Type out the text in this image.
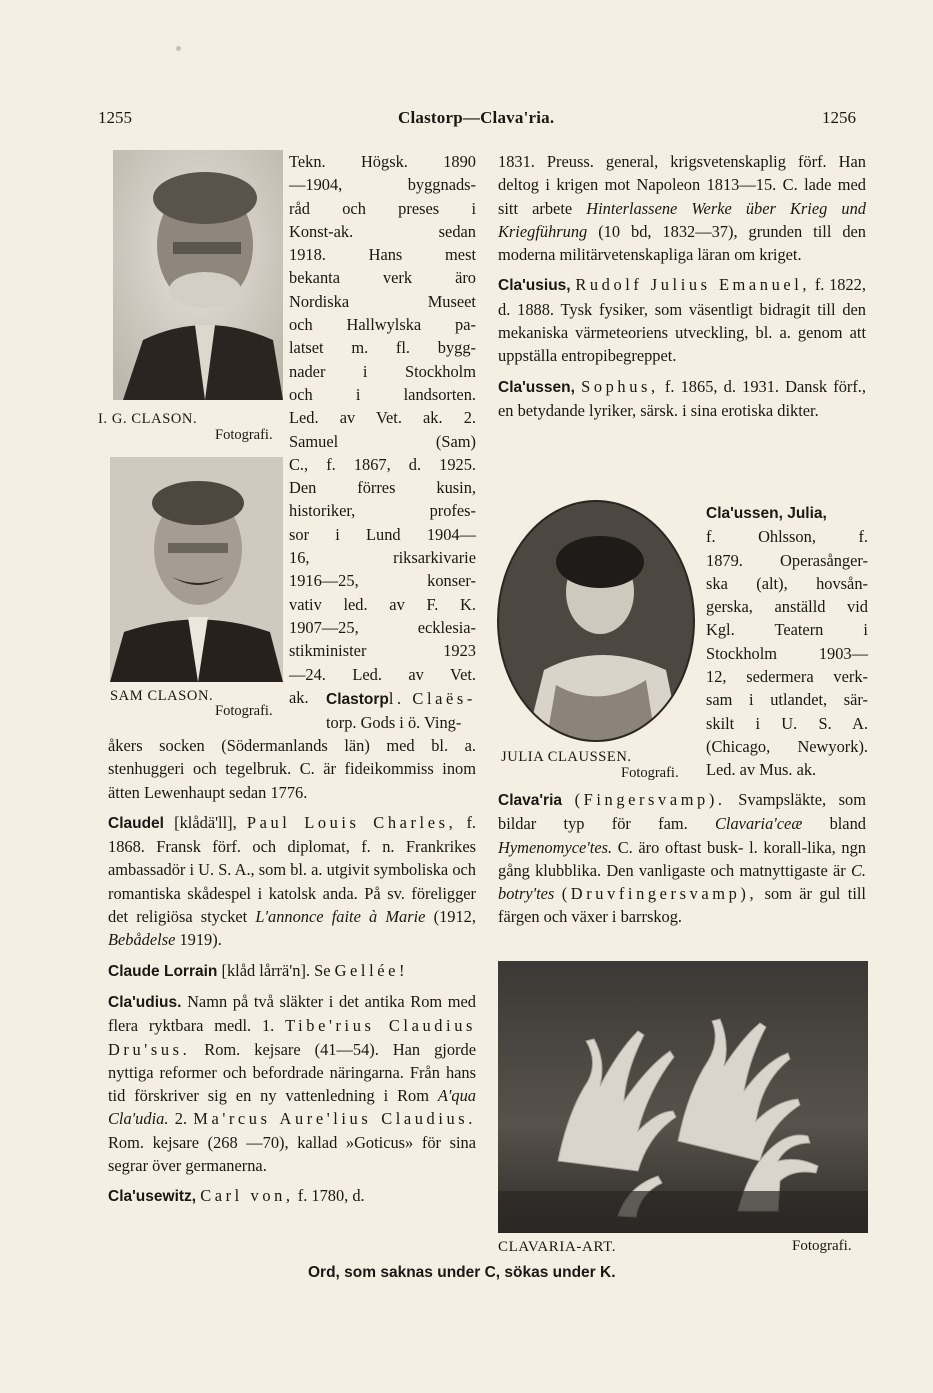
1255	Clastorp—Clava'ria.	1256
I. G. CLASON.
Fotografi.
SAM CLASON.
Fotografi.
Tekn. Högsk. 1890
—1904, byggnads-
råd och preses i
Konst-ak. sedan
1918. Hans mest
bekanta verk äro
Nordiska Museet
och Hallwylska pa-
latset m. fl. bygg-
nader i Stockholm
och i landsorten.
Led. av Vet. ak. 2.
Samuel (Sam)
C., f. 1867, d. 1925.
Den förres kusin,
historiker, profes-
sor i Lund 1904—
16, riksarkivarie
1916—25, konser-
vativ led. av F. K.
1907—25, ecklesia-
stikminister 1923
—24. Led. av Vet.
ak.	Clastorpl. Claës-
torp. Gods i ö. Ving-

åkers socken (Södermanlands län) med bl. a. stenhuggeri och tegelbruk. C. är fideikommiss inom ätten Lewenhaupt sedan 1776.

Claudel [klådä'll], Paul Louis Charles, f. 1868. Fransk förf. och diplomat, f. n. Frankrikes ambassadör i U. S. A., som bl. a. utgivit symboliska och romantiska skådespel i katolsk anda. På sv. föreligger det religiösa stycket L'annonce faite à Marie (1912, Bebådelse 1919).

Claude Lorrain [klåd lårrä'n]. Se Gellée!

Cla'udius. Namn på två släkter i det antika Rom med flera ryktbara medl. 1. Tibe'rius Claudius Dru'sus. Rom. kejsare (41—54). Han gjorde nyttiga reformer och befordrade näringarna. Från hans tid förskriver sig en ny vattenledning i Rom A'qua Cla'udia. 2. Ma'rcus Aure'lius Claudius. Rom. kejsare (268 —70), kallad »Goticus» för sina segrar över germanerna.

Cla'usewitz, Carl von, f. 1780, d.

1831. Preuss. general, krigsvetenskaplig förf. Han deltog i krigen mot Napoleon 1813—15. C. lade med sitt arbete Hinterlassene Werke über Krieg und Kriegführung (10 bd, 1832—37), grunden till den moderna militärvetenskapliga läran om kriget.

Cla'usius, Rudolf Julius Emanuel, f. 1822, d. 1888. Tysk fysiker, som väsentligt bidragit till den mekaniska värmeteoriens utveckling, bl. a. genom att uppställa entropibegreppet.

Cla'ussen, Sophus, f. 1865, d. 1931. Dansk förf., en betydande lyriker, särsk. i sina erotiska dikter.

JULIA CLAUSSEN.
Fotografi.
Cla'ussen, Julia,
f. Ohlsson, f.
1879. Operasånger-
ska (alt), hovsån-
gerska, anställd vid
Kgl. Teatern i
Stockholm 1903—
12, sedermera verk-
sam i utlandet, sär-
skilt i U. S. A.
(Chicago, Newyork).
Led. av Mus. ak.

Clava'ria (Fingersvamp). Svampsläkte, som bildar typ för fam. Clavaria'ceæ bland Hymenomyce'tes. C. äro oftast busk- l. korall-lika, ngn gång klubblika. Den vanligaste och matnyttigaste är C. botry'tes (Druvfingersvamp), som är gul till färgen och växer i barrskog.

CLAVARIA-ART.	Fotografi.
Ord, som saknas under C, sökas under K.
